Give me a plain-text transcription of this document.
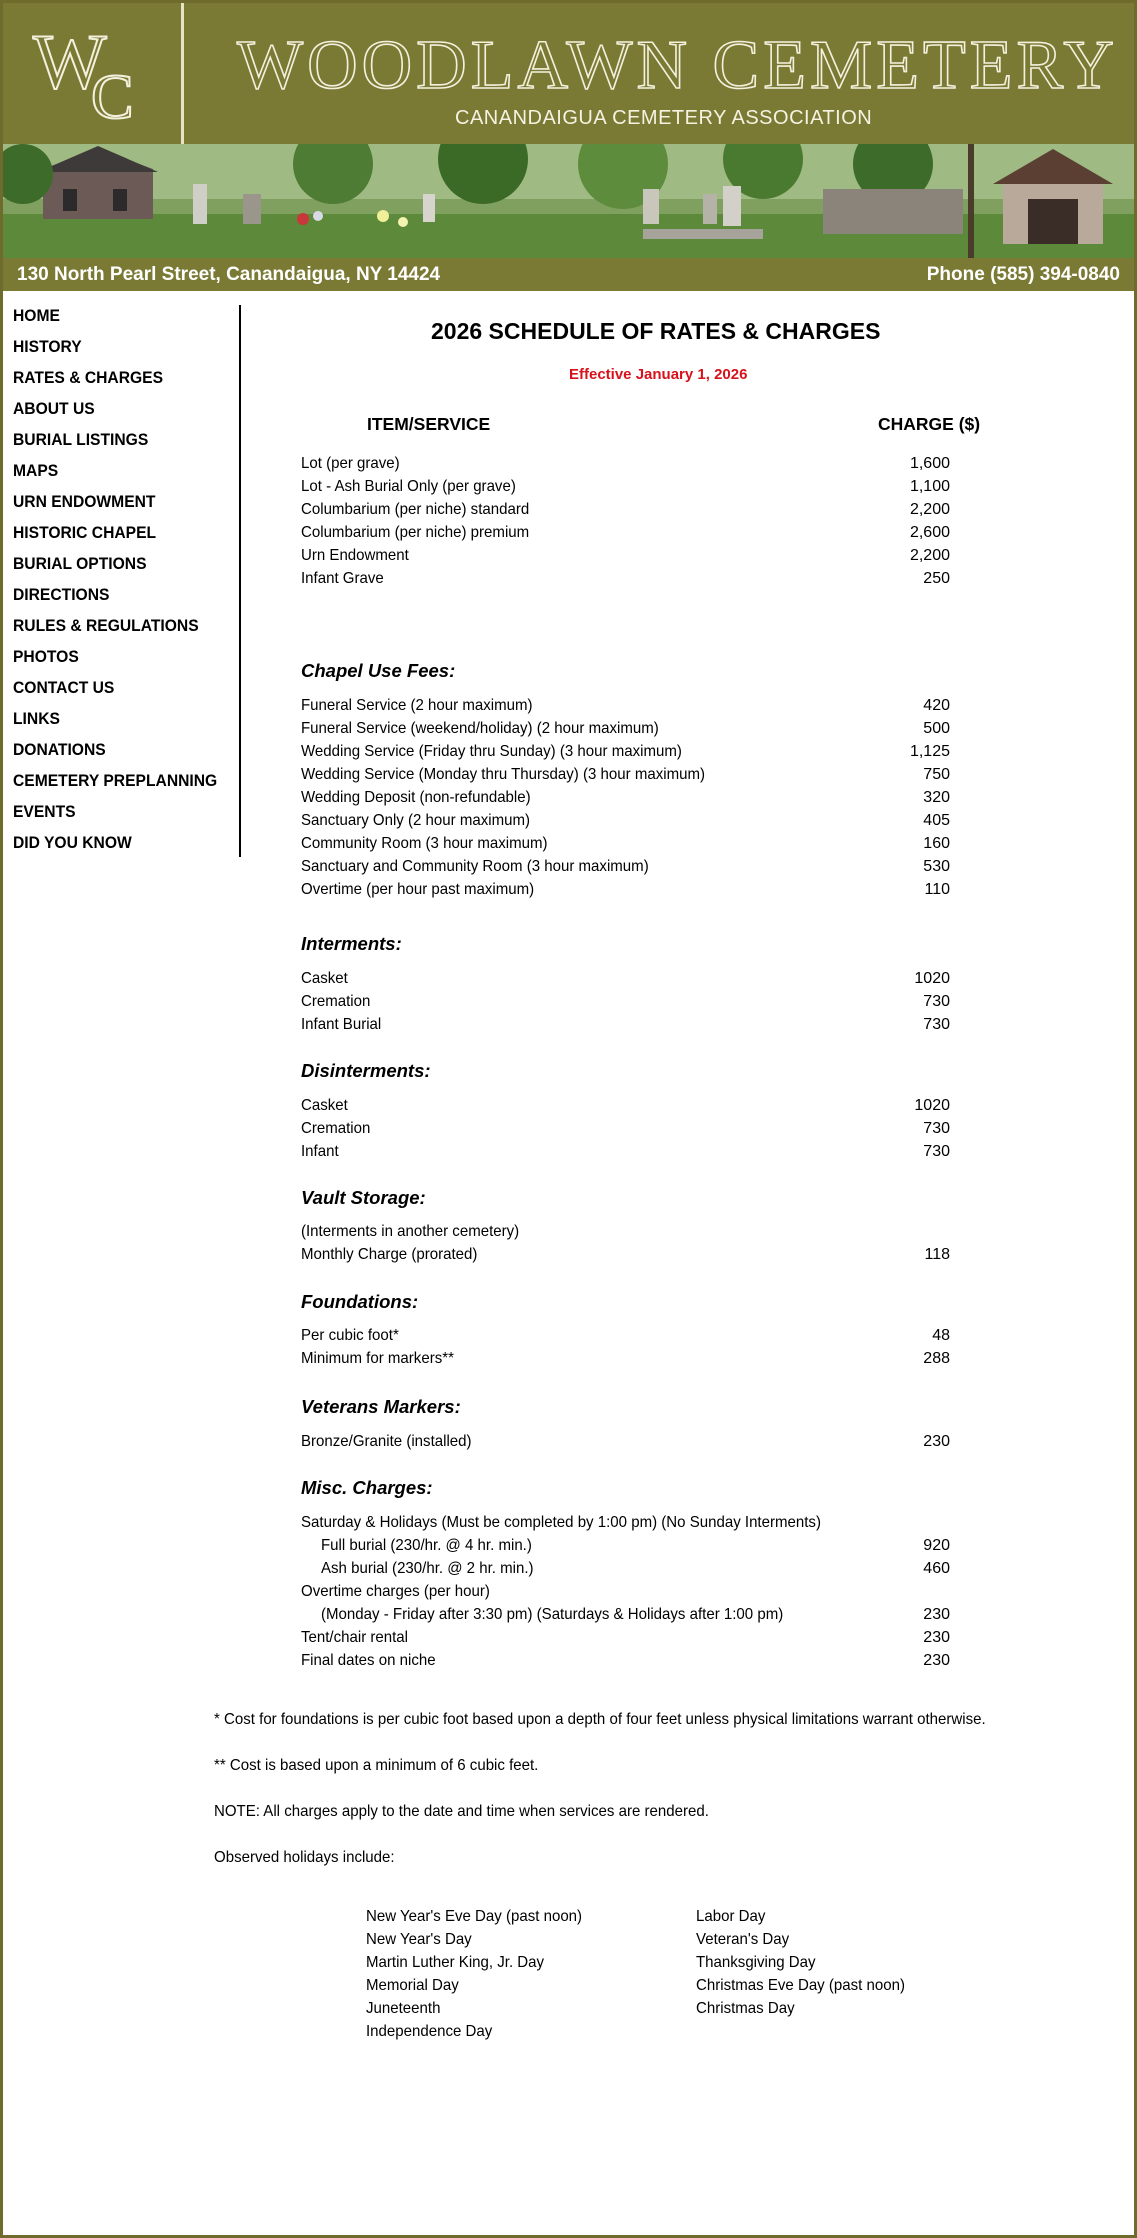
W
C WOODLAWN CEMETERY
CANANDAIGUA CEMETERY ASSOCIATION
130 North Pearl Street, Canandaigua, NY 14424	Phone (585) 394-0840
HOME
HISTORY
RATES & CHARGES
ABOUT US
BURIAL LISTINGS
MAPS
URN ENDOWMENT
HISTORIC CHAPEL
BURIAL OPTIONS
DIRECTIONS
RULES & REGULATIONS
PHOTOS
CONTACT US
LINKS
DONATIONS
CEMETERY PREPLANNING
EVENTS
DID YOU KNOW
2026 SCHEDULE OF RATES & CHARGES
Effective January 1, 2026
ITEM/SERVICE	CHARGE ($)
Lot (per grave)	1,600
Lot - Ash Burial Only (per grave)	1,100
Columbarium (per niche) standard	2,200
Columbarium (per niche) premium	2,600
Urn Endowment	2,200
Infant Grave	250
Chapel Use Fees:
Funeral Service (2 hour maximum)	420
Funeral Service (weekend/holiday) (2 hour maximum)	500
Wedding Service (Friday thru Sunday) (3 hour maximum)	1,125
Wedding Service (Monday thru Thursday) (3 hour maximum)	750
Wedding Deposit (non-refundable)	320
Sanctuary Only (2 hour maximum)	405
Community Room (3 hour maximum)	160
Sanctuary and Community Room (3 hour maximum)	530
Overtime (per hour past maximum)	110
Interments:
Casket	1020
Cremation	730
Infant Burial	730
Disinterments:
Casket	1020
Cremation	730
Infant	730
Vault Storage:
(Interments in another cemetery)
Monthly Charge (prorated)	118
Foundations:
Per cubic foot*	48
Minimum for markers**	288
Veterans Markers:
Bronze/Granite (installed)	230
Misc. Charges:
Saturday & Holidays (Must be completed by 1:00 pm) (No Sunday Interments)
Full burial (230/hr. @ 4 hr. min.)	920
Ash burial (230/hr. @ 2 hr. min.)	460
Overtime charges (per hour)
(Monday - Friday after 3:30 pm) (Saturdays & Holidays after 1:00 pm)	230
Tent/chair rental	230
Final dates on niche	230
* Cost for foundations is per cubic foot based upon a depth of four feet unless physical limitations warrant otherwise.
** Cost is based upon a minimum of 6 cubic feet.
NOTE: All charges apply to the date and time when services are rendered.
Observed holidays include:
New Year's Eve Day (past noon)
New Year's Day
Martin Luther King, Jr. Day
Memorial Day
Juneteenth
Independence Day
Labor Day
Veteran's Day
Thanksgiving Day
Christmas Eve Day (past noon)
Christmas Day
